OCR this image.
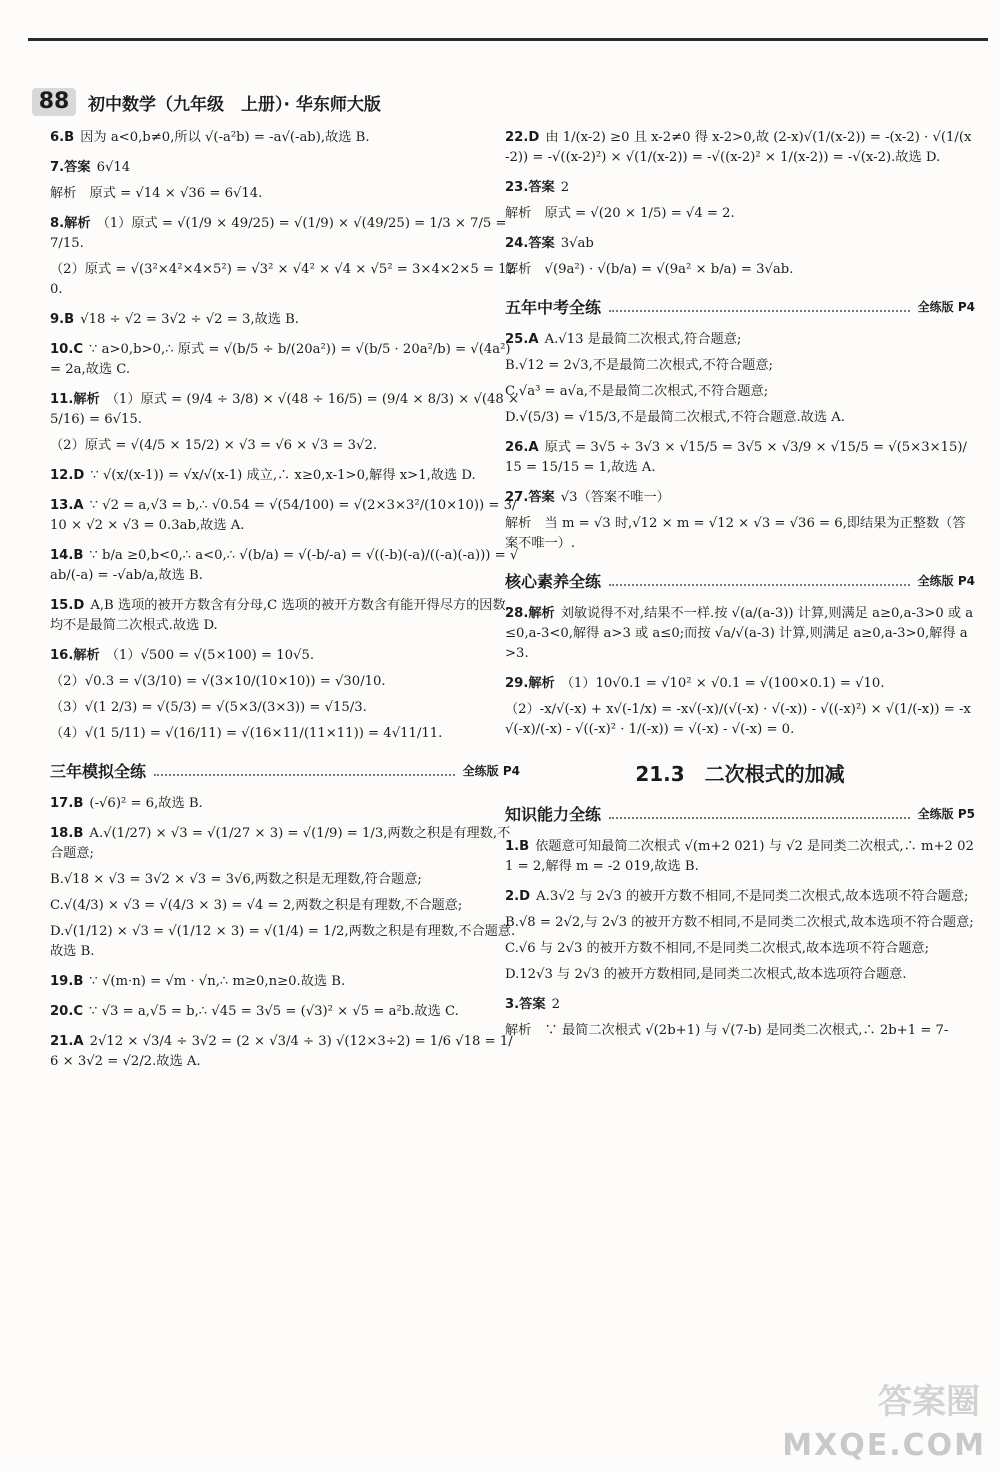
88	初中数学（九年级　上册）· 华东师大版
6.B 因为 a<0,b≠0,所以 √(-a²b) = -a√(-ab),故选 B.
7.答案 6√14
解析　原式 = √14 × √36 = 6√14.
8.解析 （1）原式 = √(1/9 × 49/25) = √(1/9) × √(49/25) = 1/3 × 7/5 = 7/15.
（2）原式 = √(3²×4²×4×5²) = √3² × √4² × √4 × √5² = 3×4×2×5 = 120.
9.B √18 ÷ √2 = 3√2 ÷ √2 = 3,故选 B.
10.C ∵ a>0,b>0,∴ 原式 = √(b/5 ÷ b/(20a²)) = √(b/5 · 20a²/b) = √(4a²) = 2a,故选 C.
11.解析 （1）原式 = (9/4 ÷ 3/8) × √(48 ÷ 16/5) = (9/4 × 8/3) × √(48 × 5/16) = 6√15.
（2）原式 = √(4/5 × 15/2) × √3 = √6 × √3 = 3√2.
12.D ∵ √(x/(x-1)) = √x/√(x-1) 成立,∴ x≥0,x-1>0,解得 x>1,故选 D.
13.A ∵ √2 = a,√3 = b,∴ √0.54 = √(54/100) = √(2×3×3²/(10×10)) = 3/10 × √2 × √3 = 0.3ab,故选 A.
14.B ∵ b/a ≥0,b<0,∴ a<0,∴ √(b/a) = √(-b/-a) = √((-b)(-a)/((-a)(-a))) = √ab/(-a) = -√ab/a,故选 B.
15.D A,B 选项的被开方数含有分母,C 选项的被开方数含有能开得尽方的因数,均不是最简二次根式.故选 D.
16.解析 （1）√500 = √(5×100) = 10√5.
（2）√0.3 = √(3/10) = √(3×10/(10×10)) = √30/10.
（3）√(1 2/3) = √(5/3) = √(5×3/(3×3)) = √15/3.
（4）√(1 5/11) = √(16/11) = √(16×11/(11×11)) = 4√11/11.
三年模拟全练	全练版 P4
17.B (-√6)² = 6,故选 B.
18.B A.√(1/27) × √3 = √(1/27 × 3) = √(1/9) = 1/3,两数之积是有理数,不合题意;
B.√18 × √3 = 3√2 × √3 = 3√6,两数之积是无理数,符合题意;
C.√(4/3) × √3 = √(4/3 × 3) = √4 = 2,两数之积是有理数,不合题意;
D.√(1/12) × √3 = √(1/12 × 3) = √(1/4) = 1/2,两数之积是有理数,不合题意.故选 B.
19.B ∵ √(m·n) = √m · √n,∴ m≥0,n≥0.故选 B.
20.C ∵ √3 = a,√5 = b,∴ √45 = 3√5 = (√3)² × √5 = a²b.故选 C.
21.A 2√12 × √3/4 ÷ 3√2 = (2 × √3/4 ÷ 3) √(12×3÷2) = 1/6 √18 = 1/6 × 3√2 = √2/2.故选 A.
22.D 由 1/(x-2) ≥0 且 x-2≠0 得 x-2>0,故 (2-x)√(1/(x-2)) = -(x-2) · √(1/(x-2)) = -√((x-2)²) × √(1/(x-2)) = -√((x-2)² × 1/(x-2)) = -√(x-2).故选 D.
23.答案 2
解析　原式 = √(20 × 1/5) = √4 = 2.
24.答案 3√ab
解析　√(9a²) · √(b/a) = √(9a² × b/a) = 3√ab.
五年中考全练	全练版 P4
25.A A.√13 是最简二次根式,符合题意;
B.√12 = 2√3,不是最简二次根式,不符合题意;
C.√a³ = a√a,不是最简二次根式,不符合题意;
D.√(5/3) = √15/3,不是最简二次根式,不符合题意.故选 A.
26.A 原式 = 3√5 ÷ 3√3 × √15/5 = 3√5 × √3/9 × √15/5 = √(5×3×15)/15 = 15/15 = 1,故选 A.
27.答案 √3（答案不唯一）
解析　当 m = √3 时,√12 × m = √12 × √3 = √36 = 6,即结果为正整数（答案不唯一）.
核心素养全练	全练版 P4
28.解析 刘敏说得不对,结果不一样.按 √(a/(a-3)) 计算,则满足 a≥0,a-3>0 或 a≤0,a-3<0,解得 a>3 或 a≤0;而按 √a/√(a-3) 计算,则满足 a≥0,a-3>0,解得 a>3.
29.解析 （1）10√0.1 = √10² × √0.1 = √(100×0.1) = √10.
（2）-x/√(-x) + x√(-1/x) = -x√(-x)/(√(-x) · √(-x)) - √((-x)²) × √(1/(-x)) = -x√(-x)/(-x) - √((-x)² · 1/(-x)) = √(-x) - √(-x) = 0.
21.3　二次根式的加减
知识能力全练	全练版 P5
1.B 依题意可知最简二次根式 √(m+2 021) 与 √2 是同类二次根式,∴ m+2 021 = 2,解得 m = -2 019,故选 B.
2.D A.3√2 与 2√3 的被开方数不相同,不是同类二次根式,故本选项不符合题意;
B.√8 = 2√2,与 2√3 的被开方数不相同,不是同类二次根式,故本选项不符合题意;
C.√6 与 2√3 的被开方数不相同,不是同类二次根式,故本选项不符合题意;
D.12√3 与 2√3 的被开方数相同,是同类二次根式,故本选项符合题意.
3.答案 2
解析　∵ 最简二次根式 √(2b+1) 与 √(7-b) 是同类二次根式,∴ 2b+1 = 7-
答案圈
MXQE.COM
